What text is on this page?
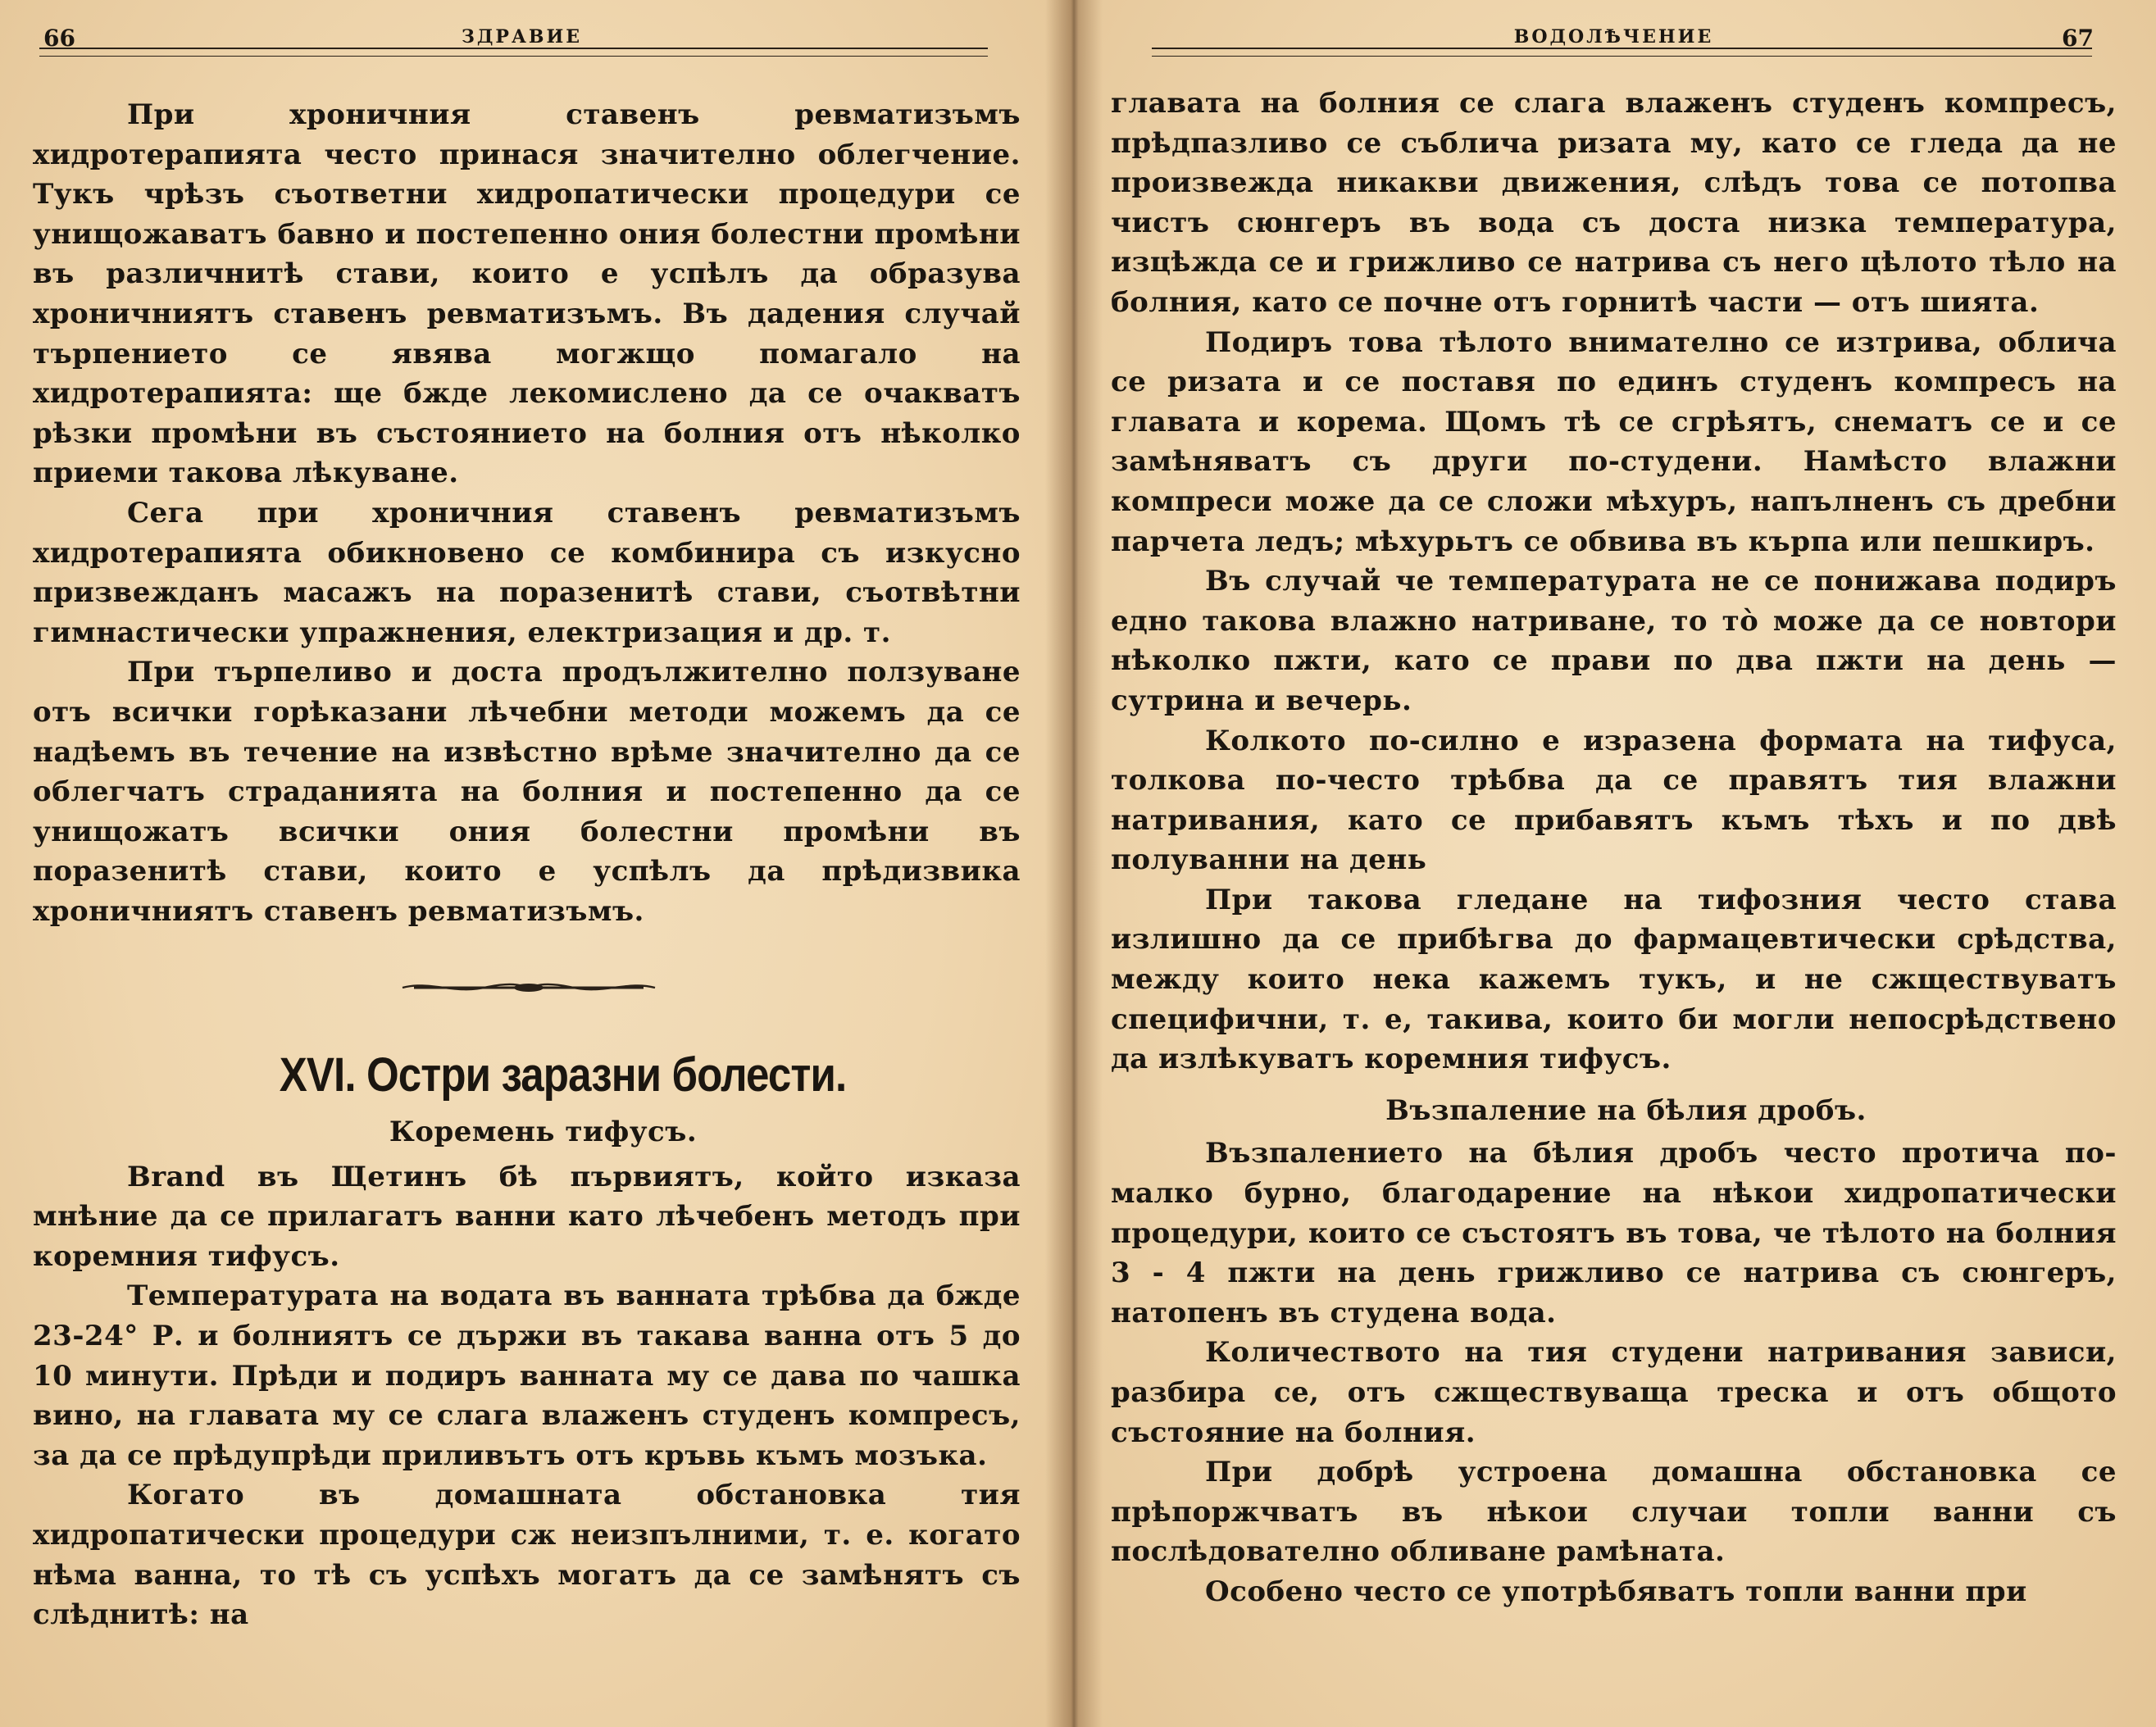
66	ЗДРАВИЕ

При хроничния ставенъ ревматизъмъ хидротерапията често принася значително облегчение. Тукъ чрѣзъ съответни хидропатически процедури се унищожаватъ бавно и постепенно ония болестни промѣни въ различнитѣ стави, които е успѣлъ да образува хроничниятъ ставенъ ревматизъмъ. Въ дадения случай търпението се явява могжщо помагало на хидротерапията: ще бжде лекомислено да се очакватъ рѣзки промѣни въ състоянието на болния отъ нѣколко приеми такова лѣкуване.

Сега при хроничния ставенъ ревматизъмъ хидротерапията обикновено се комбинира съ изкусно призвежданъ масажъ на поразенитѣ стави, съотвѣтни гимнастически упражнения, електризация и др. т.

При търпеливо и доста продължително ползуване отъ всички горѣказани лѣчебни методи можемъ да се надѣемъ въ течение на извѣстно врѣме значително да се облегчатъ страданията на болния и постепенно да се унищожатъ всички ония болестни промѣни въ поразенитѣ стави, които е успѣлъ да прѣдизвика хроничниятъ ставенъ ревматизъмъ.

XVI. Остри заразни болести.
Коремень тифусъ.

Brand въ Щетинъ бѣ първиятъ, който изказа мнѣние да се прилагатъ ванни като лѣчебенъ методъ при коремния тифусъ.

Температурата на водата въ ванната трѣбва да бжде 23-24° Р. и болниятъ се държи въ такава ванна отъ 5 до 10 минути. Прѣди и подиръ ванната му се дава по чашка вино, на главата му се слага влаженъ студенъ компресъ, за да се прѣдупрѣди приливътъ отъ кръвь къмъ мозъка.

Когато въ домашната обстановка тия хидропатически процедури сж неизпълними, т. е. когато нѣма ванна, то тѣ съ успѣхъ могатъ да се замѣнятъ съ слѣднитѣ: на

ВОДОЛѢЧЕНИЕ	67

главата на болния се слага влаженъ студенъ компресъ, прѣдпазливо се съблича ризата му, като се гледа да не произвежда никакви движения, слѣдъ това се потопва чистъ сюнгеръ въ вода съ доста низка температура, изцѣжда се и грижливо се натрива съ него цѣлото тѣло на болния, като се почне отъ горнитѣ части — отъ шията.

Подиръ това тѣлото внимателно се изтрива, облича се ризата и се поставя по единъ студенъ компресъ на главата и корема. Щомъ тѣ се сгрѣятъ, снематъ се и се замѣняватъ съ други по-студени. Намѣсто влажни компреси може да се сложи мѣхуръ, напълненъ съ дребни парчета ледъ; мѣхурьтъ се обвива въ кърпа или пешкиръ.

Въ случай че температурата не се понижава подиръ едно такова влажно натриване, то то̀ може да се новтори нѣколко пжти, като се прави по два пжти на день — сутрина и вечерь.

Колкото по-силно е изразена формата на тифуса, толкова по-често трѣбва да се правятъ тия влажни натривания, като се прибавятъ къмъ тѣхъ и по двѣ полуванни на день

При такова гледане на тифозния често става излишно да се прибѣгва до фармацевтически срѣдства, между които нека кажемъ тукъ, и не сжществуватъ специфични, т. е, такива, които би могли непосрѣдствено да излѣкуватъ коремния тифусъ.

Възпаление на бѣлия дробъ.

Възпалението на бѣлия дробъ често протича по-малко бурно, благодарение на нѣкои хидропатически процедури, които се състоятъ въ това, че тѣлото на болния 3 - 4 пжти на день грижливо се натрива съ сюнгеръ, натопенъ въ студена вода.

Количеството на тия студени натривания зависи, разбира се, отъ сжществуваща треска и отъ общото състояние на болния.

При добрѣ устроена домашна обстановка се прѣпоржчватъ въ нѣкои случаи топли ванни съ послѣдователно обливане рамѣната.

Особено често се употрѣбяватъ топли ванни при
